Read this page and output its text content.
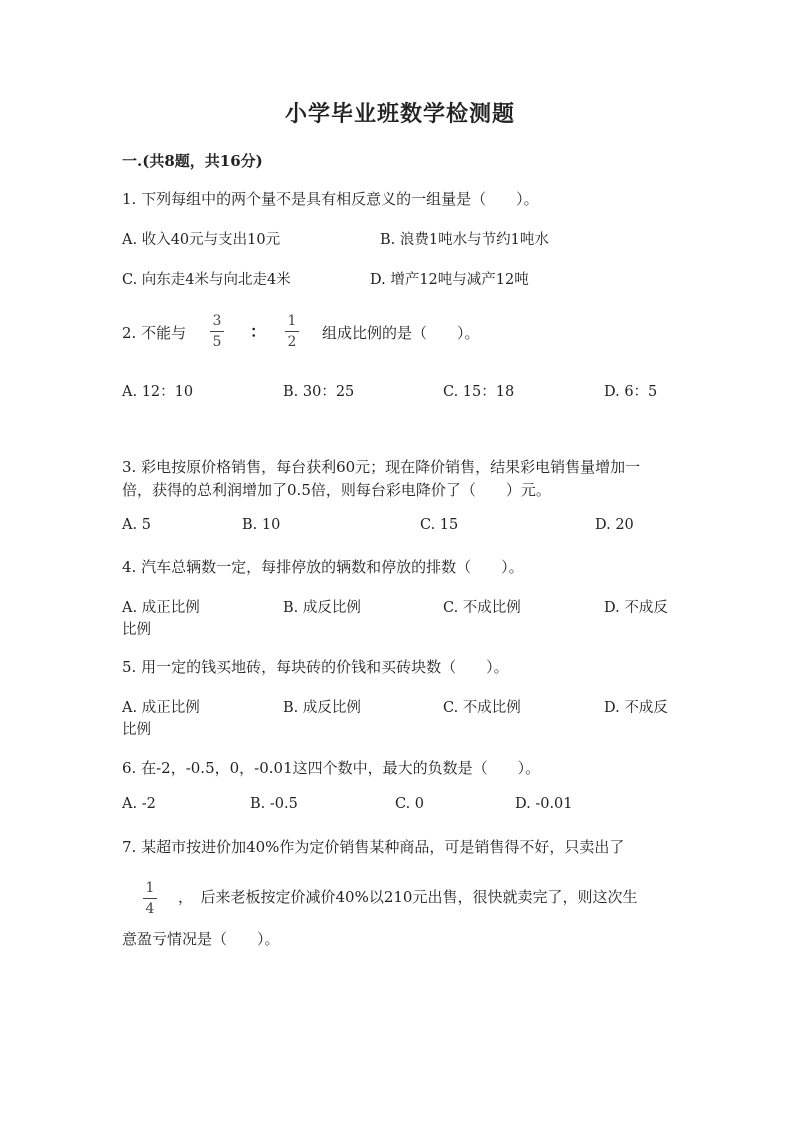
小学毕业班数学检测题
一.(共8题，共16分)
1. 下列每组中的两个量不是具有相反意义的一组量是（　　）。
A. 收入40元与支出10元	B. 浪费1吨水与节约1吨水
C. 向东走4米与向北走4米	D. 增产12吨与减产12吨
2. 不能与
3
5
：
1
2 组成比例的是（　　）。
A. 12：10	B. 30：25	C. 15：18	D. 6：5
3. 彩电按原价格销售，每台获利60元；现在降价销售，结果彩电销售量增加一
倍，获得的总利润增加了0.5倍，则每台彩电降价了（　　）元。
A. 5	B. 10	C. 15	D. 20
4. 汽车总辆数一定，每排停放的辆数和停放的排数（　　）。
A. 成正比例	B. 成反比例	C. 不成比例	D. 不成反
比例
5. 用一定的钱买地砖，每块砖的价钱和买砖块数（　　）。
A. 成正比例	B. 成反比例	C. 不成比例	D. 不成反
比例
6. 在-2，-0.5，0，-0.01这四个数中，最大的负数是（　　）。
A. -2	B. -0.5	C. 0	D. -0.01
7. 某超市按进价加40%作为定价销售某种商品，可是销售得不好，只卖出了
1
4
，　后来老板按定价减价40%以210元出售，很快就卖完了，则这次生
意盈亏情况是（　　）。
